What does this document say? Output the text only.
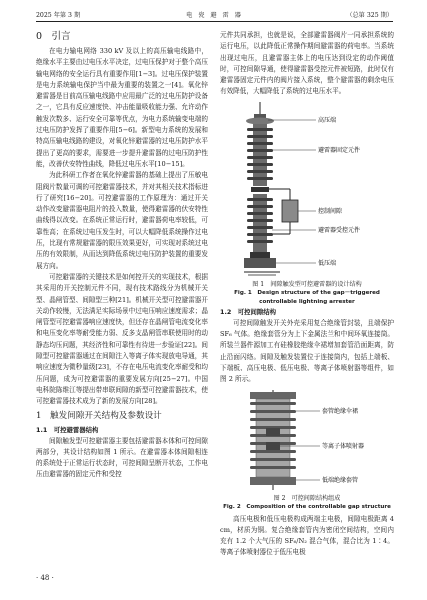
2025 年第 3 期	电 瓷 避 雷 器	（总第 325 期）

0　引言

在电力输电网络 330 kV 及以上的高压输电线路中，绝缘水平主要由过电压水平决定，过电压保护对于整个高压输电网络的安全运行具有重要作用[1−3]。过电压保护装置是电力系统输电保护当中最为重要的装置之一[4]。氧化锌避雷器是目前高压输电线路中应用最广泛的过电压防护设备之一，它具有反应速度快、冲击能量吸收能力强、允许动作触发次数多、运行安全可靠等优点，为电力系统输变电端的过电压防护发挥了重要作用[5−6]。新型电力系统的发展和特高压输电线路的建设，对氧化锌避雷器的过电压防护水平提出了更高的要求，需要进一步提升避雷器的过电压防护性能，改善伏安特性曲线，降低过电压水平[10−15]。

为此科研工作者在氧化锌避雷器的基础上提出了压敏电阻阀片数量可调的可控避雷器技术，并对其相关技术指标进行了研究[16−20]。可控避雷器的工作原理为：通过开关动作改变避雷器电阻片的投入数量，使得避雷器的伏安特性曲线得以改变。在系统正常运行时，避雷器荷电率较低，可靠性高；在系统过电压发生时，可以大幅降低系统操作过电压，比现有常规避雷器的限压效果更好，可实现对系统过电压的有效限制，从而达到降低系统过电压防护装置的重要发展方向。

可控避雷器的关键技术是如何控开关的实现技术，根据其采用的开关控制元件不同，现有技术路线分为机械开关型、晶闸管型、间隙型三种[21]。机械开关型可控避雷器开关动作较慢，无法满足实际场景中过电压响应速度需求；晶闸管型可控避雷器响应速度快，但还存在晶闸管电流变化率和电压变化率等耐受能力弱、反多支晶闸管串联使用时的动静态均压问题，其经济性和可靠性有待进一步验证[22]。间隙型可控避雷器通过在间隙注入等离子体实现放电导通，其响应速度为微秒量级[23]，不存在电压电流变化率耐受和均压问题，成为可控避雷器的重要发展方向[25−27]。中国电科院陈维江等提出带串联间隙的新型可控避雷器技术，使可控避雷器技术成为了新的发展方向[28]。

1　触发间隙开关结构及参数设计

1.1　可控避雷器结构

间隙触发型可控避雷器主要包括避雷器本体和可控间隙两部分，其设计结构如图 1 所示。在避雷器本体间隙相连的系统处于正常运行状态时，可控间隙呈断开状态，工作电压由避雷器的固定元件和受控

元件共同承担，也就是说，全部避雷器阀片一同承担系统的运行电压，以此降低正常操作期间避雷器的荷电率。当系统出现过电压，且避雷器主体上的电压达到设定的动作阈值时，可控间隙导通，使得避雷器受控元件被短路，此时仅有避雷器固定元件内的阀片接入系统，整个避雷器的剩余电压有效降低，大幅降低了系统的过电压水平。

高压端
避雷器固定元件
控制间隙
避雷器受控元件
低压端
图 1　间隙触发型可控避雷器的设计结构
Fig. 1　Design structure of the gap－triggered controllable lightning arrester

1.2　可控间隙结构

可控间隙触发开关外壳采用复合绝缘管封装，且端保护 SF₆ 气体。绝缘套管分为上下金属法兰和中间环氧连接筒。所装兰器件源加工有硅橡胶绝缘伞裙增加套管沿面距离，防止沿面闪络。间隙及触发装置位于连接筒内，包括上端板、下端板、高压电极、低压电极、等离子体喷射器等组件，如图 2 所示。

套管绝缘伞裙
等离子体喷射器
低端绝缘套管
图 2　可控间隙结构组成
Fig. 2　Composition of the controllable gap structure

高压电极和低压电极构成两端主电极，间隙电极距离 4 cm，材质为铜。复合绝缘套管内为密闭空间结构，空间内充有 1.2 个大气压的 SF₆/N₂ 混合气体，混合比为 1∶4。等离子体喷射器位于低压电极

· 48 ·
